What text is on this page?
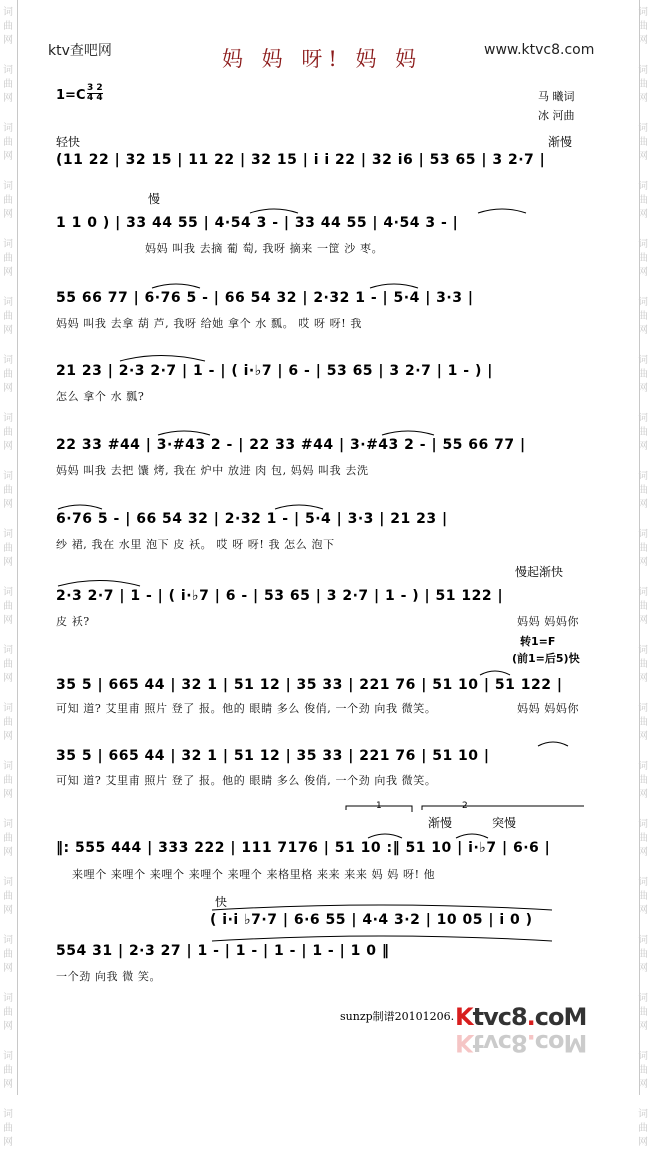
词
曲
网
词
曲
网
词
曲
网
词
曲
网
词
曲
网
词
曲
网
词
曲
网
词
曲
网
词
曲
网
词
曲
网
词
曲
网
词
曲
网
词
曲
网
词
曲
网
词
曲
网
词
曲
网
词
曲
网
词
曲
网
词
曲
网
词
曲
网
词
曲
网
词
曲
网
词
曲
网
词
曲
网
词
曲
网
词
曲
网
词
曲
网
词
曲
网
词
曲
网
词
曲
网
词
曲
网
词
曲
网
词
曲
网
词
曲
网
词
曲
网
词
曲
网
词
曲
网
词
曲
网
词
曲
网
词
曲
网
ktv查吧网	妈 妈 呀! 妈 妈	www.ktvc8.com
1=C 3 2
4 4	马 曦词
冰 河曲
轻快	渐慢
慢
慢起渐快
转1=F
(前1=后5)快
渐慢	突慢
快
1	2
(11 22 | 32 15 | 11 22 | 32 15 | i i 22 | 32 i6 | 53 65 | 3 2·7 |
1 1 0 ) | 33 44 55 | 4·54 3 - | 33 44 55 | 4·54 3 - |
妈妈 叫我 去摘 葡 萄, 我呀 摘来 一筐 沙 枣。
55 66 77 | 6·76 5 - | 66 54 32 | 2·32 1 - | 5·4 | 3·3 |
妈妈 叫我 去拿 葫 芦, 我呀 给她 拿个 水 瓢。 哎 呀 呀! 我
21 23 | 2·3 2·7 | 1 - | ( i·♭7 | 6 - | 53 65 | 3 2·7 | 1 - ) |
怎么 拿个 水 瓢?
22 33 #44 | 3·#43 2 - | 22 33 #44 | 3·#43 2 - | 55 66 77 |
妈妈 叫我 去把 馕 烤, 我在 炉中 放进 肉 包, 妈妈 叫我 去洗
6·76 5 - | 66 54 32 | 2·32 1 - | 5·4 | 3·3 | 21 23 |
纱 裙, 我在 水里 泡下 皮 袄。 哎 呀 呀! 我 怎么 泡下
2·3 2·7 | 1 - | ( i·♭7 | 6 - | 53 65 | 3 2·7 | 1 - ) | 51 122 |
皮 袄?	妈妈 妈妈你
35 5 | 665 44 | 32 1 | 51 12 | 35 33 | 221 76 | 51 10 | 51 122 |
可知 道? 艾里甫 照片 登了 报。他的 眼睛 多么 俊俏, 一个劲 向我 微笑。	妈妈 妈妈你
35 5 | 665 44 | 32 1 | 51 12 | 35 33 | 221 76 | 51 10 |
可知 道? 艾里甫 照片 登了 报。他的 眼睛 多么 俊俏, 一个劲 向我 微笑。
‖: 555 444 | 333 222 | 111 7176 | 51 10 :‖ 51 10 | i·♭7 | 6·6 |
来哩个 来哩个 来哩个 来哩个 来哩个 来格里格 来来 来来 妈 妈 呀! 他
( i·i ♭7·7 | 6·6 55 | 4·4 3·2 | 10 05 | i 0 )
554 31 | 2·3 27 | 1 - | 1 - | 1 - | 1 - | 1 0 ‖
一个劲 向我 微 笑。
sunzp制谱20101206. Ktvc8.coM
Ktvc8.coM
